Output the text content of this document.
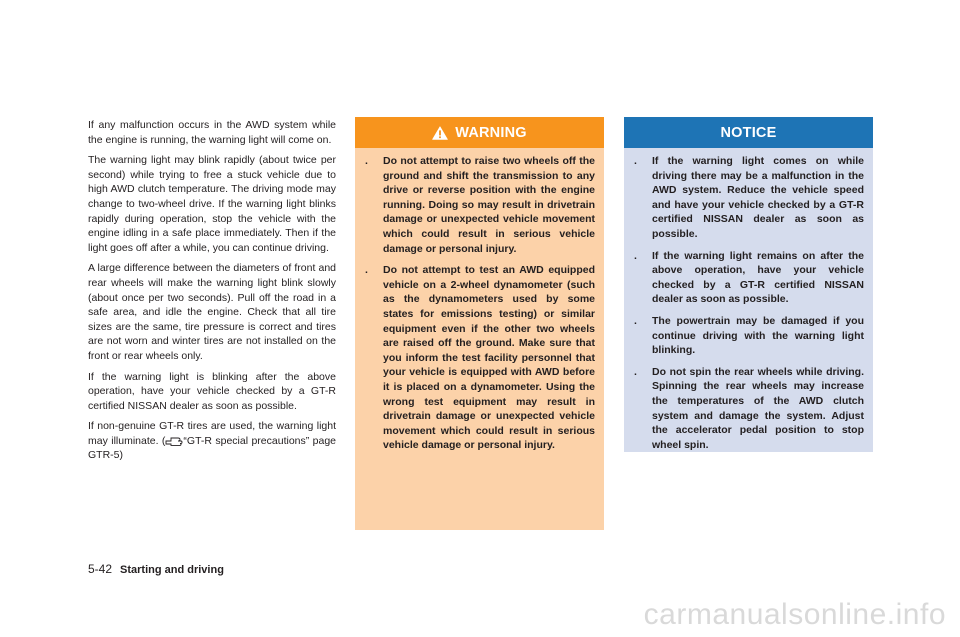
If any malfunction occurs in the AWD system while the engine is running, the warning light will come on.

The warning light may blink rapidly (about twice per second) while trying to free a stuck vehicle due to high AWD clutch temperature. The driving mode may change to two-wheel drive. If the warning light blinks rapidly during operation, stop the vehicle with the engine idling in a safe place immediately. Then if the light goes off after a while, you can continue driving.

A large difference between the diameters of front and rear wheels will make the warning light blink slowly (about once per two seconds). Pull off the road in a safe area, and idle the engine. Check that all tire sizes are the same, tire pressure is correct and tires are not worn and winter tires are not installed on the front or rear wheels only.

If the warning light is blinking after the above operation, have your vehicle checked by a GT-R certified NISSAN dealer as soon as possible.

If non-genuine GT-R tires are used, the warning light may illuminate. ( “GT-R special precautions” page GTR-5)

WARNING
. Do not attempt to raise two wheels off the ground and shift the transmission to any drive or reverse position with the engine running. Doing so may result in drivetrain damage or unexpected vehicle movement which could result in serious vehicle damage or personal injury.
. Do not attempt to test an AWD equipped vehicle on a 2-wheel dynamometer (such as the dynamometers used by some states for emissions testing) or similar equipment even if the other two wheels are raised off the ground. Make sure that you inform the test facility personnel that your vehicle is equipped with AWD before it is placed on a dynamometer. Using the wrong test equipment may result in drivetrain damage or unexpected vehicle movement which could result in serious vehicle damage or personal injury.
NOTICE
. If the warning light comes on while driving there may be a malfunction in the AWD system. Reduce the vehicle speed and have your vehicle checked by a GT-R certified NISSAN dealer as soon as possible.
. If the warning light remains on after the above operation, have your vehicle checked by a GT-R certified NISSAN dealer as soon as possible.
. The powertrain may be damaged if you continue driving with the warning light blinking.
. Do not spin the rear wheels while driving. Spinning the rear wheels may increase the temperatures of the AWD clutch system and damage the system. Adjust the accelerator pedal position to stop wheel spin.
5-42 Starting and driving
carmanualsonline.info
